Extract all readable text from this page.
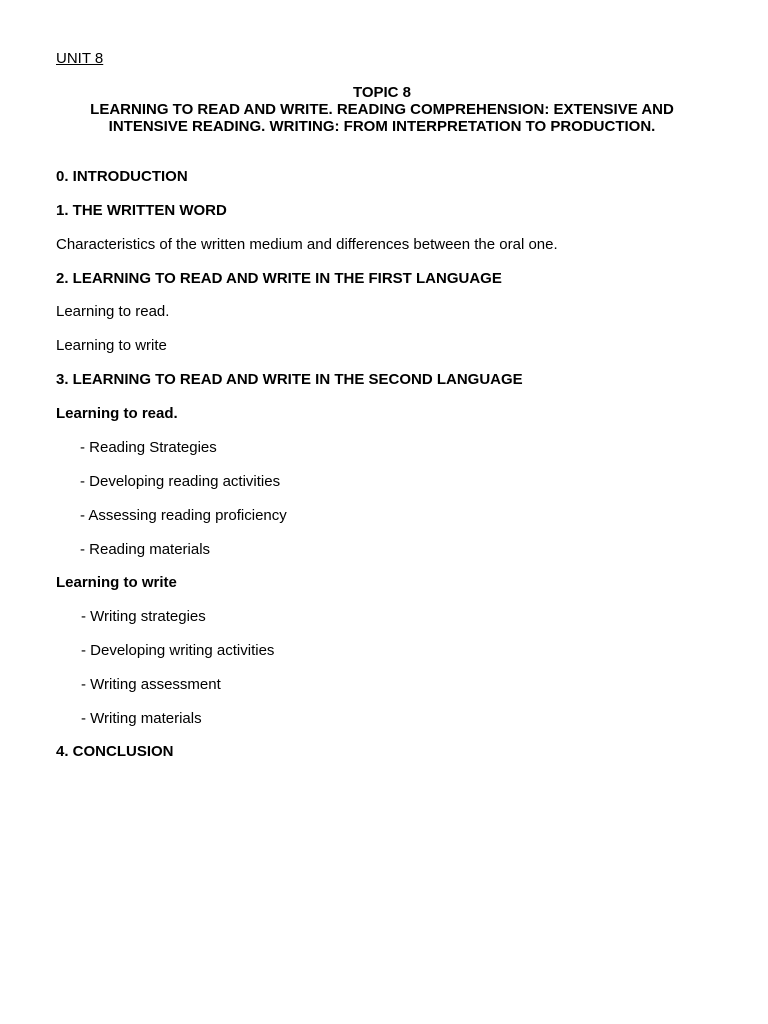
UNIT 8
TOPIC 8
LEARNING TO READ AND WRITE. READING COMPREHENSION: EXTENSIVE AND
INTENSIVE READING. WRITING: FROM INTERPRETATION TO PRODUCTION.
0. INTRODUCTION
1. THE WRITTEN WORD
Characteristics of the written medium and differences between the oral one.
2. LEARNING TO READ AND WRITE IN THE FIRST LANGUAGE
Learning to read.
Learning to write
3. LEARNING TO READ AND WRITE IN THE SECOND LANGUAGE
Learning to read.
- Reading Strategies
- Developing reading activities
- Assessing reading proficiency
- Reading materials
Learning to write
- Writing strategies
- Developing writing activities
- Writing assessment
- Writing materials
4. CONCLUSION
